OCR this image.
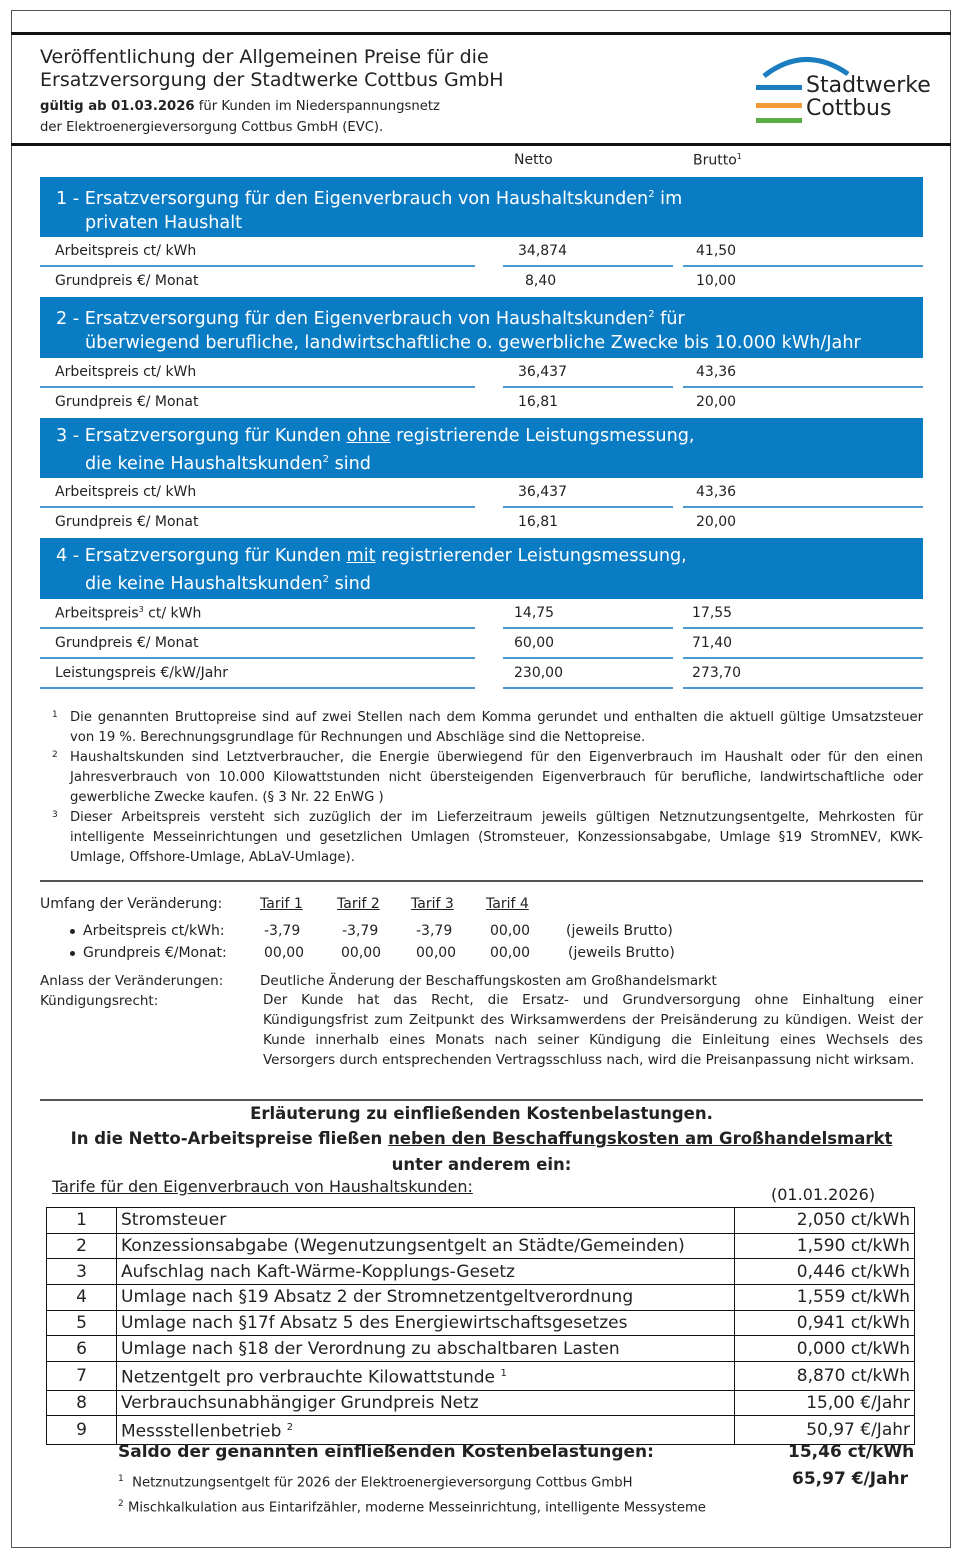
Veröffentlichung der Allgemeinen Preise für die
Ersatzversorgung der Stadtwerke Cottbus GmbH
gültig ab 01.03.2026 für Kunden im Niederspannungsnetz
der Elektroenergieversorgung Cottbus GmbH (EVC).
Stadtwerke
Cottbus
Netto	Brutto$^1$
1 - Ersatzversorgung für den Eigenverbrauch von Haushaltskunden$^2$ im
privaten Haushalt
Arbeitspreis ct/ kWh	34,874	41,50
Grundpreis €/ Monat	8,40	10,00
2 - Ersatzversorgung für den Eigenverbrauch von Haushaltskunden$^2$ für
überwiegend berufliche, landwirtschaftliche o. gewerbliche Zwecke bis 10.000 kWh/Jahr
Arbeitspreis ct/ kWh	36,437	43,36
Grundpreis €/ Monat	16,81	20,00
3 - Ersatzversorgung für Kunden ohne registrierende Leistungsmessung,
die keine Haushaltskunden$^2$ sind
Arbeitspreis ct/ kWh	36,437	43,36
Grundpreis €/ Monat	16,81	20,00
4 - Ersatzversorgung für Kunden mit registrierender Leistungsmessung,
die keine Haushaltskunden$^2$ sind
Arbeitspreis$^3$ ct/ kWh	14,75	17,55
Grundpreis €/ Monat	60,00	71,40
Leistungspreis €/kW/Jahr	230,00	273,70
1 Die genannten Bruttopreise sind auf zwei Stellen nach dem Komma gerundet und enthalten die aktuell gültige Umsatzsteuer von 19 %. Berechnungsgrundlage für Rechnungen und Abschläge sind die Nettopreise.
2 Haushaltskunden sind Letztverbraucher, die Energie überwiegend für den Eigenverbrauch im Haushalt oder für den einen Jahresverbrauch von 10.000 Kilowattstunden nicht übersteigenden Eigenverbrauch für berufliche, landwirtschaftliche oder gewerbliche Zwecke kaufen. (§ 3 Nr. 22 EnWG )
3 Dieser Arbeitspreis versteht sich zuzüglich der im Lieferzeitraum jeweils gültigen Netznutzungsentgelte, Mehrkosten für intelligente Messeinrichtungen und gesetzlichen Umlagen (Stromsteuer, Konzessionsabgabe, Umlage §19 StromNEV, KWK-Umlage, Offshore-Umlage, AbLaV-Umlage).
Umfang der Veränderung:	Tarif 1 Tarif 2 Tarif 3 Tarif 4
Arbeitspreis ct/kWh:	-3,79	-3,79	-3,79	00,00	(jeweils Brutto)
Grundpreis €/Monat:	00,00	00,00 00,00 00,00	(jeweils Brutto)
Anlass der Veränderungen:	Deutliche Änderung der Beschaffungskosten am Großhandelsmarkt
Kündigungsrecht:	Der Kunde hat das Recht, die Ersatz- und Grundversorgung ohne Einhaltung einer Kündigungsfrist zum Zeitpunkt des Wirksamwerdens der Preisänderung zu kündigen. Weist der Kunde innerhalb eines Monats nach seiner Kündigung die Einleitung eines Wechsels des Versorgers durch entsprechenden Vertragsschluss nach, wird die Preisanpassung nicht wirksam.
Erläuterung zu einfließenden Kostenbelastungen.
In die Netto-Arbeitspreise fließen neben den Beschaffungskosten am Großhandelsmarkt
unter anderem ein:
Tarife für den Eigenverbrauch von Haushaltskunden:	(01.01.2026)
1	Stromsteuer	2,050 ct/kWh
2	Konzessionsabgabe (Wegenutzungsentgelt an Städte/Gemeinden)	1,590 ct/kWh
3	Aufschlag nach Kaft-Wärme-Kopplungs-Gesetz	0,446 ct/kWh
4	Umlage nach §19 Absatz 2 der Stromnetzentgeltverordnung	1,559 ct/kWh
5	Umlage nach §17f Absatz 5 des Energiewirtschaftsgesetzes	0,941 ct/kWh
6	Umlage nach §18 der Verordnung zu abschaltbaren Lasten	0,000 ct/kWh
7	Netzentgelt pro verbrauchte Kilowattstunde $^1$	8,870 ct/kWh
8	Verbrauchsunabhängiger Grundpreis Netz	15,00 €/Jahr
9	Messstellenbetrieb $^2$	50,97 €/Jahr
Saldo der genannten einfließenden Kostenbelastungen:	15,46 ct/kWh
65,97 €/Jahr
$^1$ Netznutzungsentgelt für 2026 der Elektroenergieversorgung Cottbus GmbH
$^2$ Mischkalkulation aus Eintarifzähler, moderne Messeinrichtung, intelligente Messysteme
